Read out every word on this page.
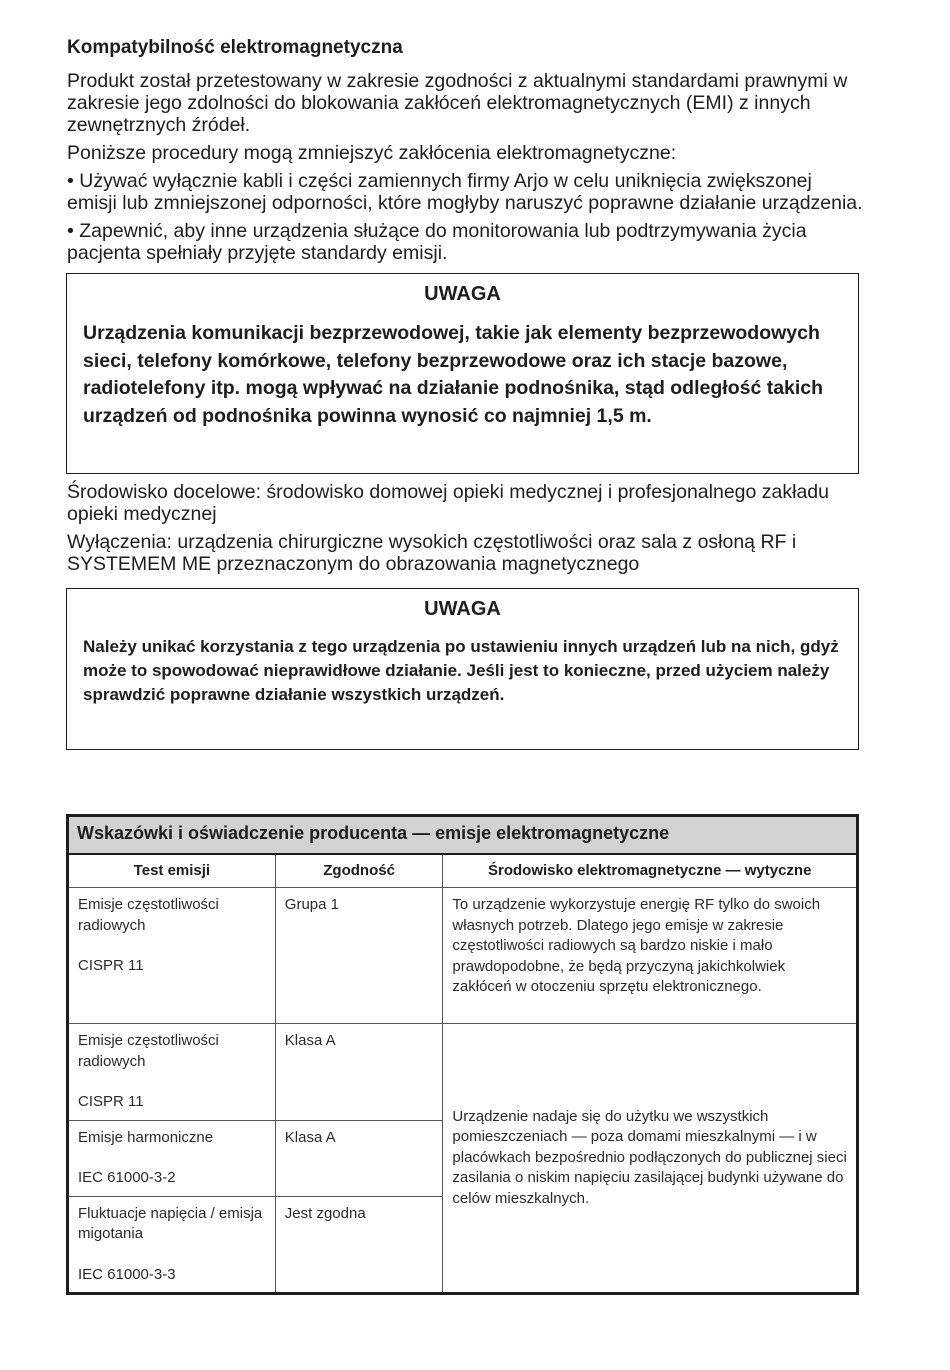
Kompatybilność elektromagnetyczna

Produkt został przetestowany w zakresie zgodności z aktualnymi standardami prawnymi w zakresie jego zdolności do blokowania zakłóceń elektromagnetycznych (EMI) z innych zewnętrznych źródeł.

Poniższe procedury mogą zmniejszyć zakłócenia elektromagnetyczne:

• Używać wyłącznie kabli i części zamiennych firmy Arjo w celu uniknięcia zwiększonej emisji lub zmniejszonej odporności, które mogłyby naruszyć poprawne działanie urządzenia.

• Zapewnić, aby inne urządzenia służące do monitorowania lub podtrzymywania życia pacjenta spełniały przyjęte standardy emisji.

UWAGA

Urządzenia komunikacji bezprzewodowej, takie jak elementy bezprzewodowych sieci, telefony komórkowe, telefony bezprzewodowe oraz ich stacje bazowe, radiotelefony itp. mogą wpływać na działanie podnośnika, stąd odległość takich urządzeń od podnośnika powinna wynosić co najmniej 1,5 m.

Środowisko docelowe: środowisko domowej opieki medycznej i profesjonalnego zakładu opieki medycznej

Wyłączenia: urządzenia chirurgiczne wysokich częstotliwości oraz sala z osłoną RF i SYSTEMEM ME przeznaczonym do obrazowania magnetycznego

UWAGA

Należy unikać korzystania z tego urządzenia po ustawieniu innych urządzeń lub na nich, gdyż może to spowodować nieprawidłowe działanie. Jeśli jest to konieczne, przed użyciem należy sprawdzić poprawne działanie wszystkich urządzeń.

Wskazówki i oświadczenie producenta — emisje elektromagnetyczne		
Test emisji	Zgodność	Środowisko elektromagnetyczne — wytyczne
Emisje częstotliwości radiowych
CISPR 11	Grupa 1	To urządzenie wykorzystuje energię RF tylko do swoich własnych potrzeb. Dlatego jego emisje w zakresie częstotliwości radiowych są bardzo niskie i mało prawdopodobne, że będą przyczyną jakichkolwiek zakłóceń w otoczeniu sprzętu elektronicznego.
Emisje częstotliwości radiowych
CISPR 11	Klasa A	Urządzenie nadaje się do użytku we wszystkich pomieszczeniach — poza domami mieszkalnymi — i w placówkach bezpośrednio podłączonych do publicznej sieci zasilania o niskim napięciu zasilającej budynki używane do celów mieszkalnych.
Emisje harmoniczne
IEC 61000-3-2	Klasa A	
Fluktuacje napięcia / emisja migotania
IEC 61000-3-3	Jest zgodna	
